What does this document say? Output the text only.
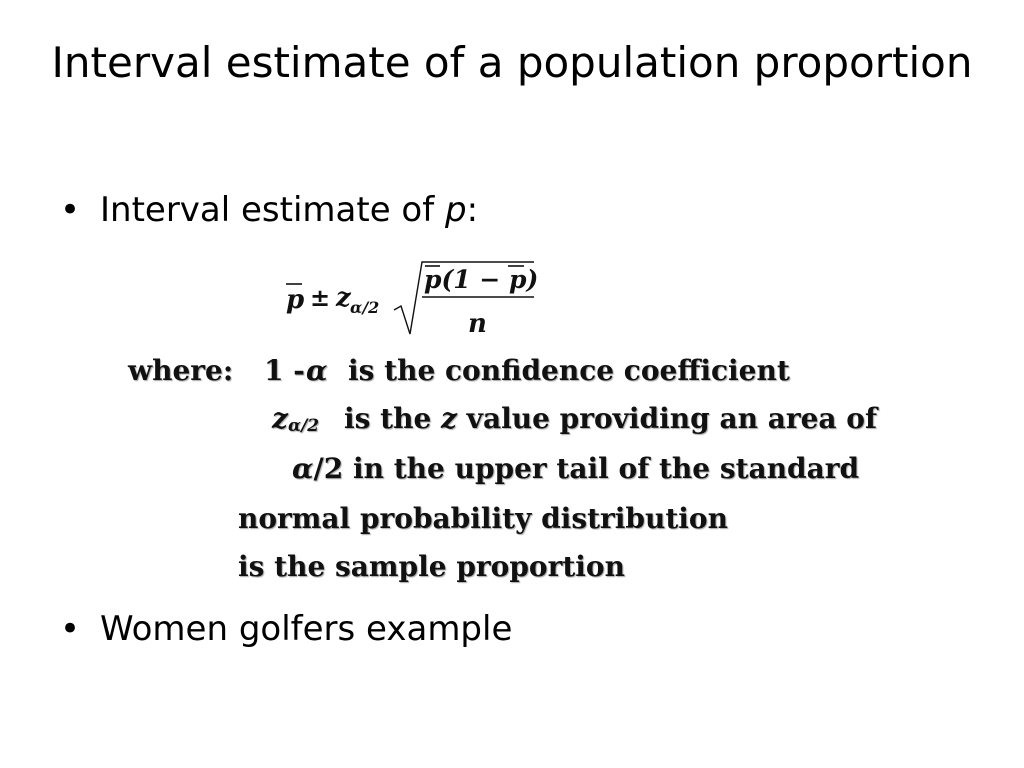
Interval estimate of a population proportion
• Interval estimate of p:
p ± z α/2
p(1 − p)
n
where: 1 - α is the confidence coefficient
z α/2 is the z value providing an area of
α/2 in the upper tail of the standard
normal probability distribution
is the sample proportion
• Women golfers example
